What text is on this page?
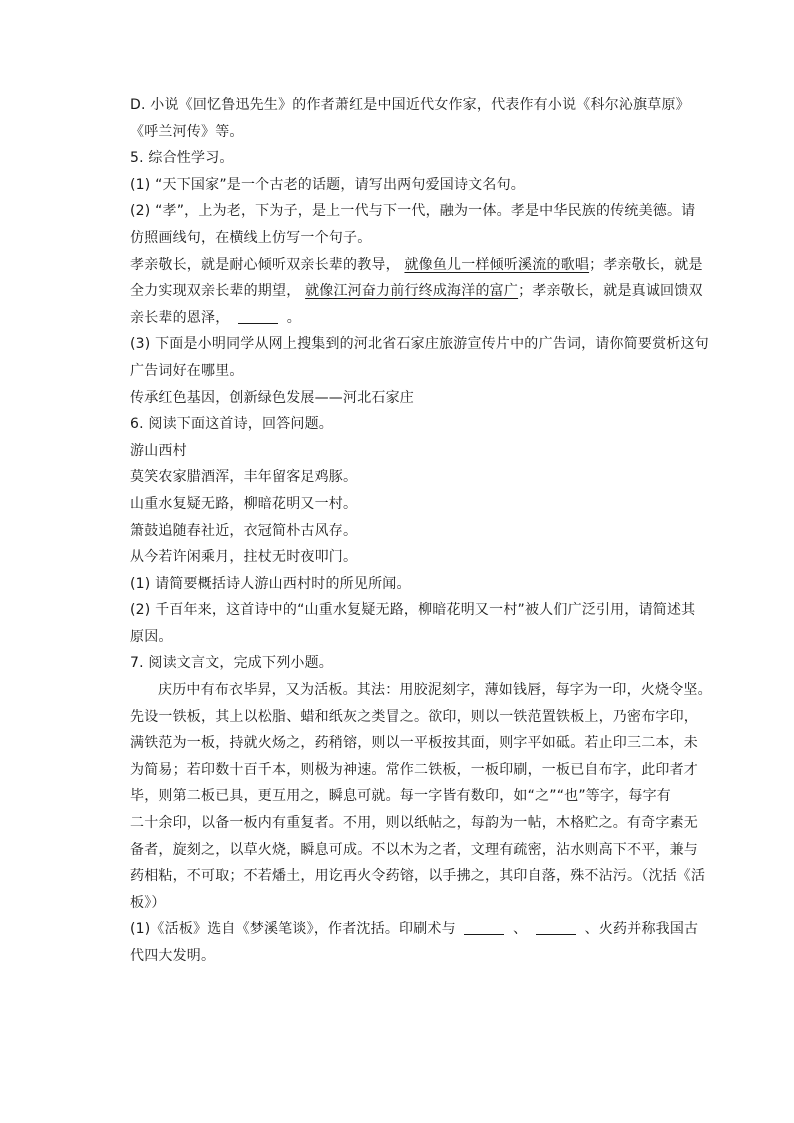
D. 小说《回忆鲁迅先生》的作者萧红是中国近代女作家，代表作有小说《科尔沁旗草原》
《呼兰河传》等。
5. 综合性学习。
(1) “天下国家”是一个古老的话题，请写出两句爱国诗文名句。
(2) “孝”，上为老，下为子，是上一代与下一代，融为一体。孝是中华民族的传统美德。请
仿照画线句，在横线上仿写一个句子。
孝亲敬长，就是耐心倾听双亲长辈的教导， 就像鱼儿一样倾听溪流的歌唱；孝亲敬长，就是
全力实现双亲长辈的期望， 就像江河奋力前行终成海洋的富广；孝亲敬长，就是真诚回馈双
亲长辈的恩泽，	。
(3) 下面是小明同学从网上搜集到的河北省石家庄旅游宣传片中的广告词，请你简要赏析这句
广告词好在哪里。
传承红色基因，创新绿色发展——河北石家庄
6. 阅读下面这首诗，回答问题。
游山西村
莫笑农家腊酒浑，丰年留客足鸡豚。
山重水复疑无路，柳暗花明又一村。
箫鼓追随春社近，衣冠简朴古风存。
从今若许闲乘月，拄杖无时夜叩门。
(1) 请简要概括诗人游山西村时的所见所闻。
(2) 千百年来，这首诗中的“山重水复疑无路，柳暗花明又一村”被人们广泛引用，请简述其
原因。
7. 阅读文言文，完成下列小题。
庆历中有布衣毕昇，又为活板。其法：用胶泥刻字，薄如钱唇，每字为一印，火烧令坚。
先设一铁板，其上以松脂、蜡和纸灰之类冒之。欲印，则以一铁范置铁板上，乃密布字印，
满铁范为一板，持就火炀之，药稍镕，则以一平板按其面，则字平如砥。若止印三二本，未
为简易；若印数十百千本，则极为神速。常作二铁板，一板印刷，一板已自布字，此印者才
毕，则第二板已具，更互用之，瞬息可就。每一字皆有数印，如“之”“也”等字，每字有
二十余印，以备一板内有重复者。不用，则以纸帖之，每韵为一帖，木格贮之。有奇字素无
备者，旋刻之，以草火烧，瞬息可成。不以木为之者，文理有疏密，沾水则高下不平，兼与
药相粘，不可取；不若燔土，用讫再火令药镕，以手拂之，其印自落，殊不沾污。（沈括《活
板》）
(1)《活板》选自《梦溪笔谈》，作者沈括。印刷术与	、	、火药并称我国古
代四大发明。
